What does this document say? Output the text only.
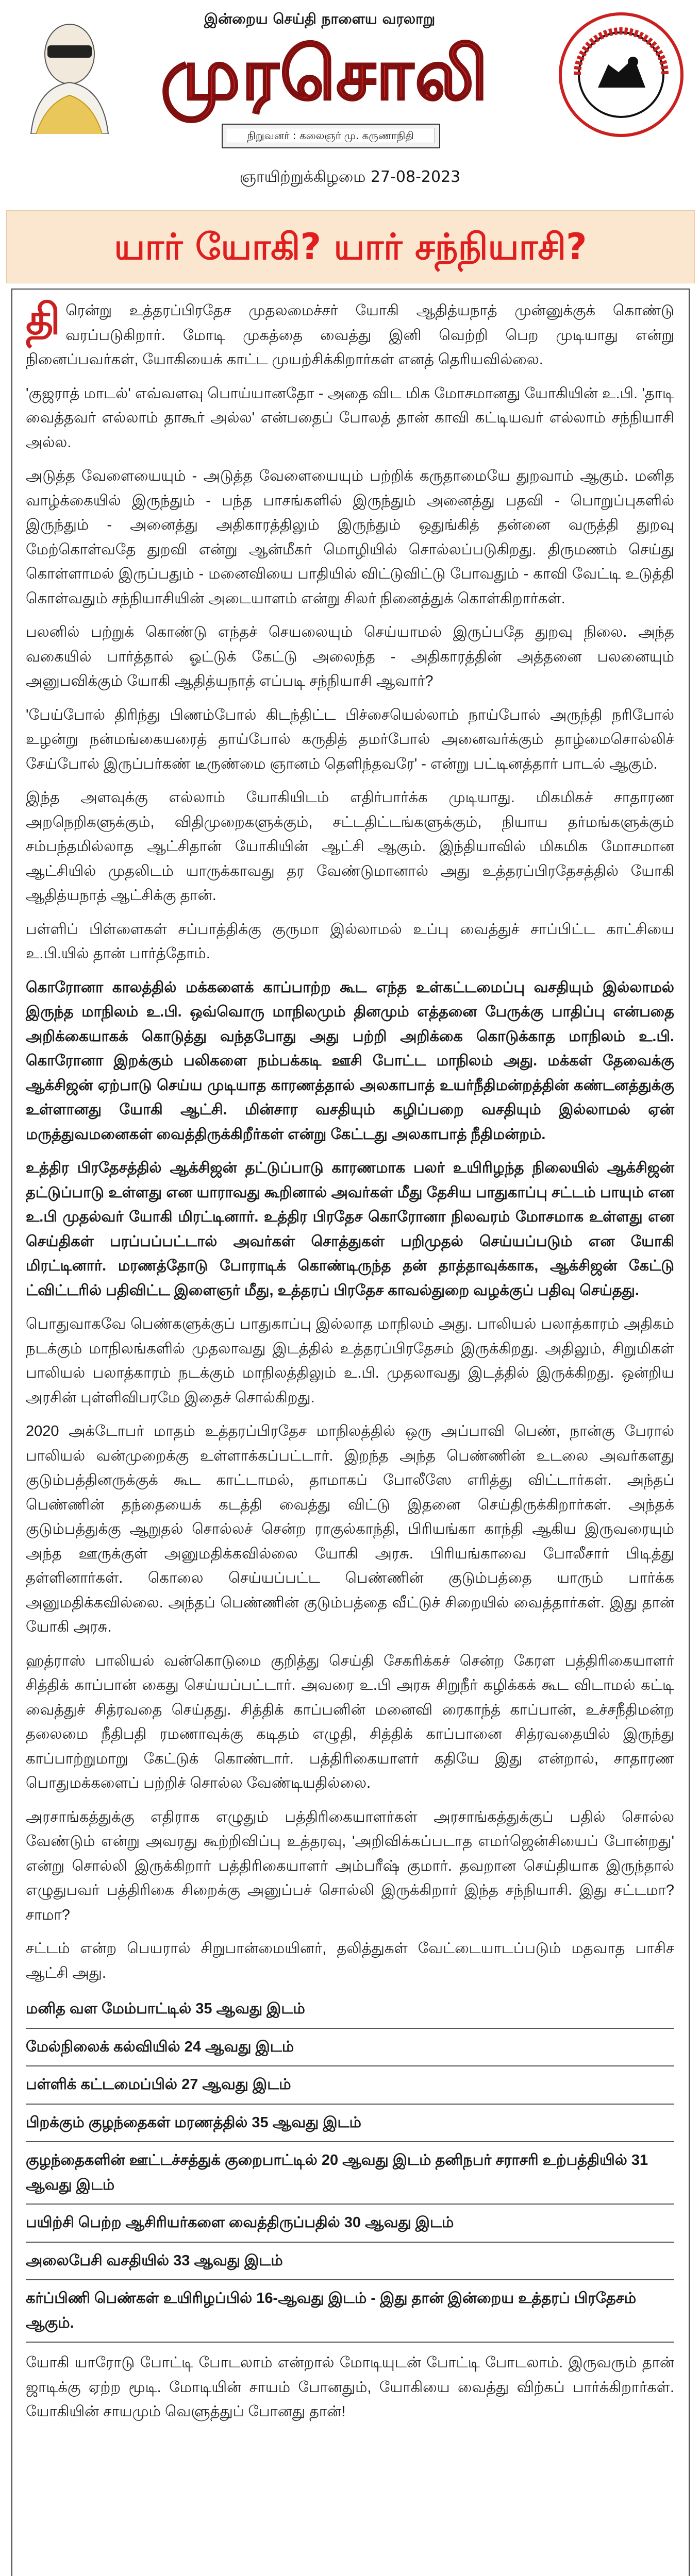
இன்றைய செய்தி நாளைய வரலாறு
முரசொலி
நிறுவனர் : கலைஞர் மு. கருணாநிதி
ஞாயிற்றுக்கிழமை 27-08-2023
யார் யோகி? யார் சந்நியாசி?

திரென்று உத்தரப்பிரதேச முதலமைச்சர் யோகி ஆதித்யநாத் முன்னுக்குக் கொண்டு வரப்படுகிறார். மோடி முகத்தை வைத்து இனி வெற்றி பெற முடியாது என்று நினைப்பவர்கள், யோகியைக் காட்ட முயற்சிக்கிறார்கள் எனத் தெரியவில்லை.

'குஜராத் மாடல்' எவ்வளவு பொய்யானதோ - அதை விட மிக மோசமானது யோகியின் உ.பி. 'தாடி வைத்தவர் எல்லாம் தாகூர் அல்ல' என்பதைப் போலத் தான் காவி கட்டியவர் எல்லாம் சந்நியாசி அல்ல.

அடுத்த வேளையையும் - அடுத்த வேளையையும் பற்றிக் கருதாமையே துறவாம் ஆகும். மனித வாழ்க்கையில் இருந்தும் - பந்த பாசங்களில் இருந்தும் அனைத்து பதவி - பொறுப்புகளில் இருந்தும் - அனைத்து அதிகாரத்திலும் இருந்தும் ஒதுங்கித் தன்னை வருத்தி துறவு மேற்கொள்வதே துறவி என்று ஆன்மீகர் மொழியில் சொல்லப்படுகிறது. திருமணம் செய்து கொள்ளாமல் இருப்பதும் - மனைவியை பாதியில் விட்டுவிட்டு போவதும் - காவி வேட்டி உடுத்தி கொள்வதும் சந்நியாசியின் அடையாளம் என்று சிலர் நினைத்துக் கொள்கிறார்கள்.

பலனில் பற்றுக் கொண்டு எந்தச் செயலையும் செய்யாமல் இருப்பதே துறவு நிலை. அந்த வகையில் பார்த்தால் ஓட்டுக் கேட்டு அலைந்த - அதிகாரத்தின் அத்தனை பலனையும் அனுபவிக்கும் யோகி ஆதித்யநாத் எப்படி சந்நியாசி ஆவார்?

'பேய்போல் திரிந்து பிணம்போல் கிடந்திட்ட பிச்சையெல்லாம் நாய்போல் அருந்தி நரிபோல் உழன்று நன்மங்கையரைத் தாய்போல் கருதித் தமர்போல் அனைவர்க்கும் தாழ்மைசொல்லிச் சேய்போல் இருப்பர்கண் டீருண்மை ஞானம் தெளிந்தவரே' - என்று பட்டினத்தார் பாடல் ஆகும்.

இந்த அளவுக்கு எல்லாம் யோகியிடம் எதிர்பார்க்க முடியாது. மிகமிகச் சாதாரண அறநெறிகளுக்கும், விதிமுறைகளுக்கும், சட்டதிட்டங்களுக்கும், நியாய தர்மங்களுக்கும் சம்பந்தமில்லாத ஆட்சிதான் யோகியின் ஆட்சி ஆகும். இந்தியாவில் மிகமிக மோசமான ஆட்சியில் முதலிடம் யாருக்காவது தர வேண்டுமானால் அது உத்தரப்பிரதேசத்தில் யோகி ஆதித்யநாத் ஆட்சிக்கு தான்.

பள்ளிப் பிள்ளைகள் சப்பாத்திக்கு குருமா இல்லாமல் உப்பு வைத்துச் சாப்பிட்ட காட்சியை உ.பி.யில் தான் பார்த்தோம்.

கொரோனா காலத்தில் மக்களைக் காப்பாற்ற கூட எந்த உள்கட்டமைப்பு வசதியும் இல்லாமல் இருந்த மாநிலம் உ.பி. ஒவ்வொரு மாநிலமும் தினமும் எத்தனை பேருக்கு பாதிப்பு என்பதை அறிக்கையாகக் கொடுத்து வந்தபோது அது பற்றி அறிக்கை கொடுக்காத மாநிலம் உ.பி. கொரோனா இறக்கும் பலிகளை நம்பக்கடி ஊசி போட்ட மாநிலம் அது. மக்கள் தேவைக்கு ஆக்சிஜன் ஏற்பாடு செய்ய முடியாத காரணத்தால் அலகாபாத் உயர்நீதிமன்றத்தின் கண்டனத்துக்கு உள்ளானது யோகி ஆட்சி. மின்சார வசதியும் கழிப்பறை வசதியும் இல்லாமல் ஏன் மருத்துவமனைகள் வைத்திருக்கிறீர்கள் என்று கேட்டது அலகாபாத் நீதிமன்றம்.

உத்திர பிரதேசத்தில் ஆக்சிஜன் தட்டுப்பாடு காரணமாக பலர் உயிரிழந்த நிலையில் ஆக்சிஜன் தட்டுப்பாடு உள்ளது என யாராவது கூறினால் அவர்கள் மீது தேசிய பாதுகாப்பு சட்டம் பாயும் என உ.பி முதல்வர் யோகி மிரட்டினார். உத்திர பிரதேச கொரோனா நிலவரம் மோசமாக உள்ளது என செய்திகள் பரப்பப்பட்டால் அவர்கள் சொத்துகள் பறிமுதல் செய்யப்படும் என யோகி மிரட்டினார். மரணத்தோடு போராடிக் கொண்டிருந்த தன் தாத்தாவுக்காக, ஆக்சிஜன் கேட்டு ட்விட்டரில் பதிவிட்ட இளைஞர் மீது, உத்தரப் பிரதேச காவல்துறை வழக்குப் பதிவு செய்தது.

பொதுவாகவே பெண்களுக்குப் பாதுகாப்பு இல்லாத மாநிலம் அது. பாலியல் பலாத்காரம் அதிகம் நடக்கும் மாநிலங்களில் முதலாவது இடத்தில் உத்தரப்பிரதேசம் இருக்கிறது. அதிலும், சிறுமிகள் பாலியல் பலாத்காரம் நடக்கும் மாநிலத்திலும் உ.பி. முதலாவது இடத்தில் இருக்கிறது. ஒன்றிய அரசின் புள்ளிவிபரமே இதைச் சொல்கிறது.

2020 அக்டோபர் மாதம் உத்தரப்பிரதேச மாநிலத்தில் ஒரு அப்பாவி பெண், நான்கு பேரால் பாலியல் வன்முறைக்கு உள்ளாக்கப்பட்டார். இறந்த அந்த பெண்ணின் உடலை அவர்களது குடும்பத்தினருக்குக் கூட காட்டாமல், தாமாகப் போலீஸே எரித்து விட்டார்கள். அந்தப் பெண்ணின் தந்தையைக் கடத்தி வைத்து விட்டு இதனை செய்திருக்கிறார்கள். அந்தக் குடும்பத்துக்கு ஆறுதல் சொல்லச் சென்ற ராகுல்காந்தி, பிரியங்கா காந்தி ஆகிய இருவரையும் அந்த ஊருக்குள் அனுமதிக்கவில்லை யோகி அரசு. பிரியங்காவை போலீசார் பிடித்து தள்ளினார்கள். கொலை செய்யப்பட்ட பெண்ணின் குடும்பத்தை யாரும் பார்க்க அனுமதிக்கவில்லை. அந்தப் பெண்ணின் குடும்பத்தை வீட்டுச் சிறையில் வைத்தார்கள். இது தான் யோகி அரசு.

ஹத்ராஸ் பாலியல் வன்கொடுமை குறித்து செய்தி சேகரிக்கச் சென்ற கேரள பத்திரிகையாளர் சித்திக் காப்பான் கைது செய்யப்பட்டார். அவரை உ.பி அரசு சிறுநீர் கழிக்கக் கூட விடாமல் கட்டி வைத்துச் சித்ரவதை செய்தது. சித்திக் காப்பனின் மனைவி ரைகாந்த் காப்பான், உச்சநீதிமன்ற தலைமை நீதிபதி ரமணாவுக்கு கடிதம் எழுதி, சித்திக் காப்பானை சித்ரவதையில் இருந்து காப்பாற்றுமாறு கேட்டுக் கொண்டார். பத்திரிகையாளர் கதியே இது என்றால், சாதாரண பொதுமக்களைப் பற்றிச் சொல்ல வேண்டியதில்லை.

அரசாங்கத்துக்கு எதிராக எழுதும் பத்திரிகையாளர்கள் அரசாங்கத்துக்குப் பதில் சொல்ல வேண்டும் என்று அவரது கூற்றிவிப்பு உத்தரவு, 'அறிவிக்கப்படாத எமர்ஜென்சியைப் போன்றது' என்று சொல்லி இருக்கிறார் பத்திரிகையாளர் அம்பரீஷ் குமார். தவறான செய்தியாக இருந்தால் எழுதுபவர் பத்திரிகை சிறைக்கு அனுப்பச் சொல்லி இருக்கிறார் இந்த சந்நியாசி. இது சட்டமா? சாமா?

சட்டம் என்ற பெயரால் சிறுபான்மையினர், தலித்துகள் வேட்டையாடப்படும் மதவாத பாசிச ஆட்சி அது.

மனித வள மேம்பாட்டில் 35 ஆவது இடம்
மேல்நிலைக் கல்வியில் 24 ஆவது இடம்
பள்ளிக் கட்டமைப்பில் 27 ஆவது இடம்
பிறக்கும் குழந்தைகள் மரணத்தில் 35 ஆவது இடம்
குழந்தைகளின் ஊட்டச்சத்துக் குறைபாட்டில் 20 ஆவது இடம் தனிநபர் சராசரி உற்பத்தியில் 31 ஆவது இடம்
பயிற்சி பெற்ற ஆசிரியர்களை வைத்திருப்பதில் 30 ஆவது இடம்
அலைபேசி வசதியில் 33 ஆவது இடம்
கர்ப்பிணி பெண்கள் உயிரிழப்பில் 16-ஆவது இடம் - இது தான் இன்றைய உத்தரப் பிரதேசம் ஆகும்.

யோகி யாரோடு போட்டி போடலாம் என்றால் மோடியுடன் போட்டி போடலாம். இருவரும் தான் ஜாடிக்கு ஏற்ற மூடி. மோடியின் சாயம் போனதும், யோகியை வைத்து விற்கப் பார்க்கிறார்கள். யோகியின் சாயமும் வெளுத்துப் போனது தான்!
